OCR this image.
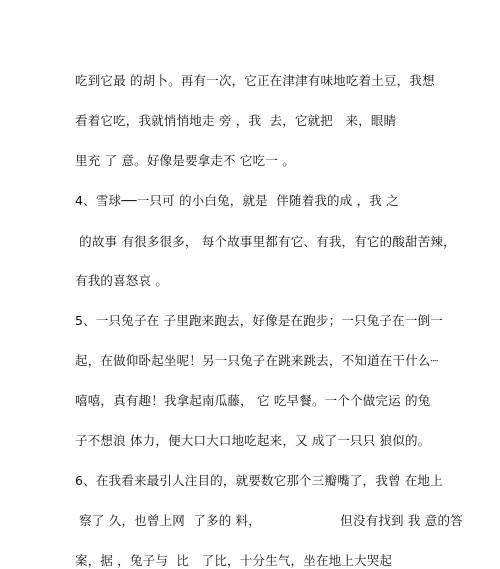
吃到它最 的胡卜。再有一次，它正在津津有味地吃着土豆，我想
看着它吃，我就悄悄地走 旁 ，我  去，它就把   来，眼睛
里充 了 意。好像是要拿走不 它吃一 。
4、雪球──一只可 的小白兔，就是  伴随着我的成 ，我 之
的故事 有很多很多， 每个故事里都有它、有我，有它的酸甜苦辣，
有我的喜怒哀 。
5、一只兔子在 子里跑来跑去，好像是在跑步；一只兔子在一倒一
起，在做仰卧起坐呢！另一只兔子在跳来跳去，不知道在干什么┈
嘻嘻，真有趣！我拿起南瓜藤， 它 吃早餐。一个个做完运 的兔
子不想浪 体力，便大口大口地吃起来，又 成了一只只 狼似的。
6、在我看来最引人注目的，就要数它那个三瓣嘴了，我曾 在地上
察了 久，也曾上网  了多的 料，                   但没有找到 我 意的答
案，据 ，兔子与  比   了比，十分生气，坐在地上大哭起
